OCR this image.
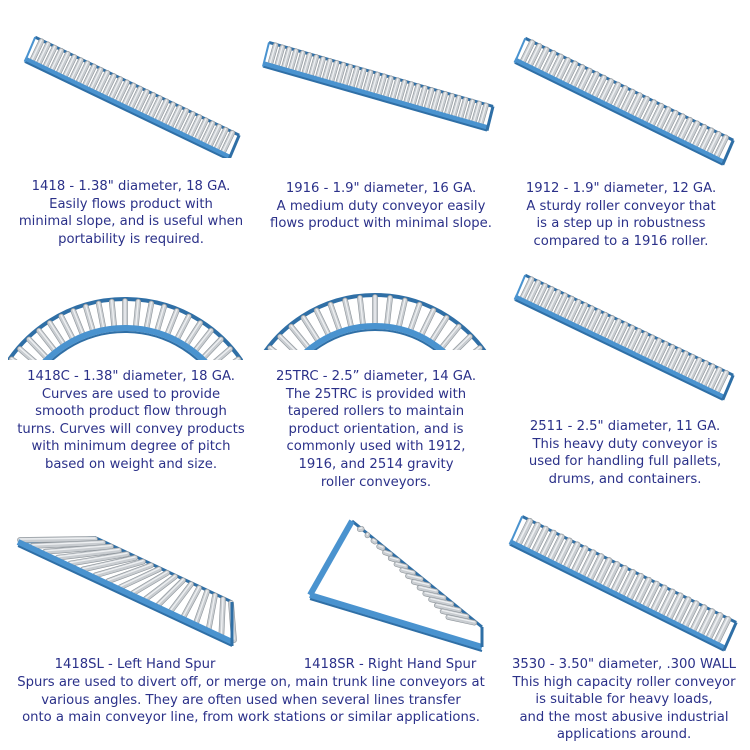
1418 - 1.38" diameter, 18 GA.
Easily flows product with
minimal slope, and is useful when
portability is required.
1916 - 1.9" diameter, 16 GA.
A medium duty conveyor easily
flows product with minimal slope.
1912 - 1.9" diameter, 12 GA.
A sturdy roller conveyor that
is a step up in robustness
compared to a 1916 roller.
1418C - 1.38" diameter, 18 GA.
Curves are used to provide
smooth product flow through
turns. Curves will convey products
with minimum degree of pitch
based on weight and size.
25TRC - 2.5” diameter, 14 GA.
The 25TRC is provided with
tapered rollers to maintain
product orientation, and is
commonly used with 1912,
1916, and 2514 gravity
roller conveyors.
2511 - 2.5" diameter, 11 GA.
This heavy duty conveyor is
used for handling full pallets,
drums, and containers.
1418SL - Left Hand Spur	1418SR - Right Hand Spur
Spurs are used to divert off, or merge on, main trunk line conveyors at
various angles. They are often used when several lines transfer
onto a main conveyor line, from work stations or similar applications.
3530 - 3.50" diameter, .300 WALL
This high capacity roller conveyor
is suitable for heavy loads,
and the most abusive industrial
applications around.
